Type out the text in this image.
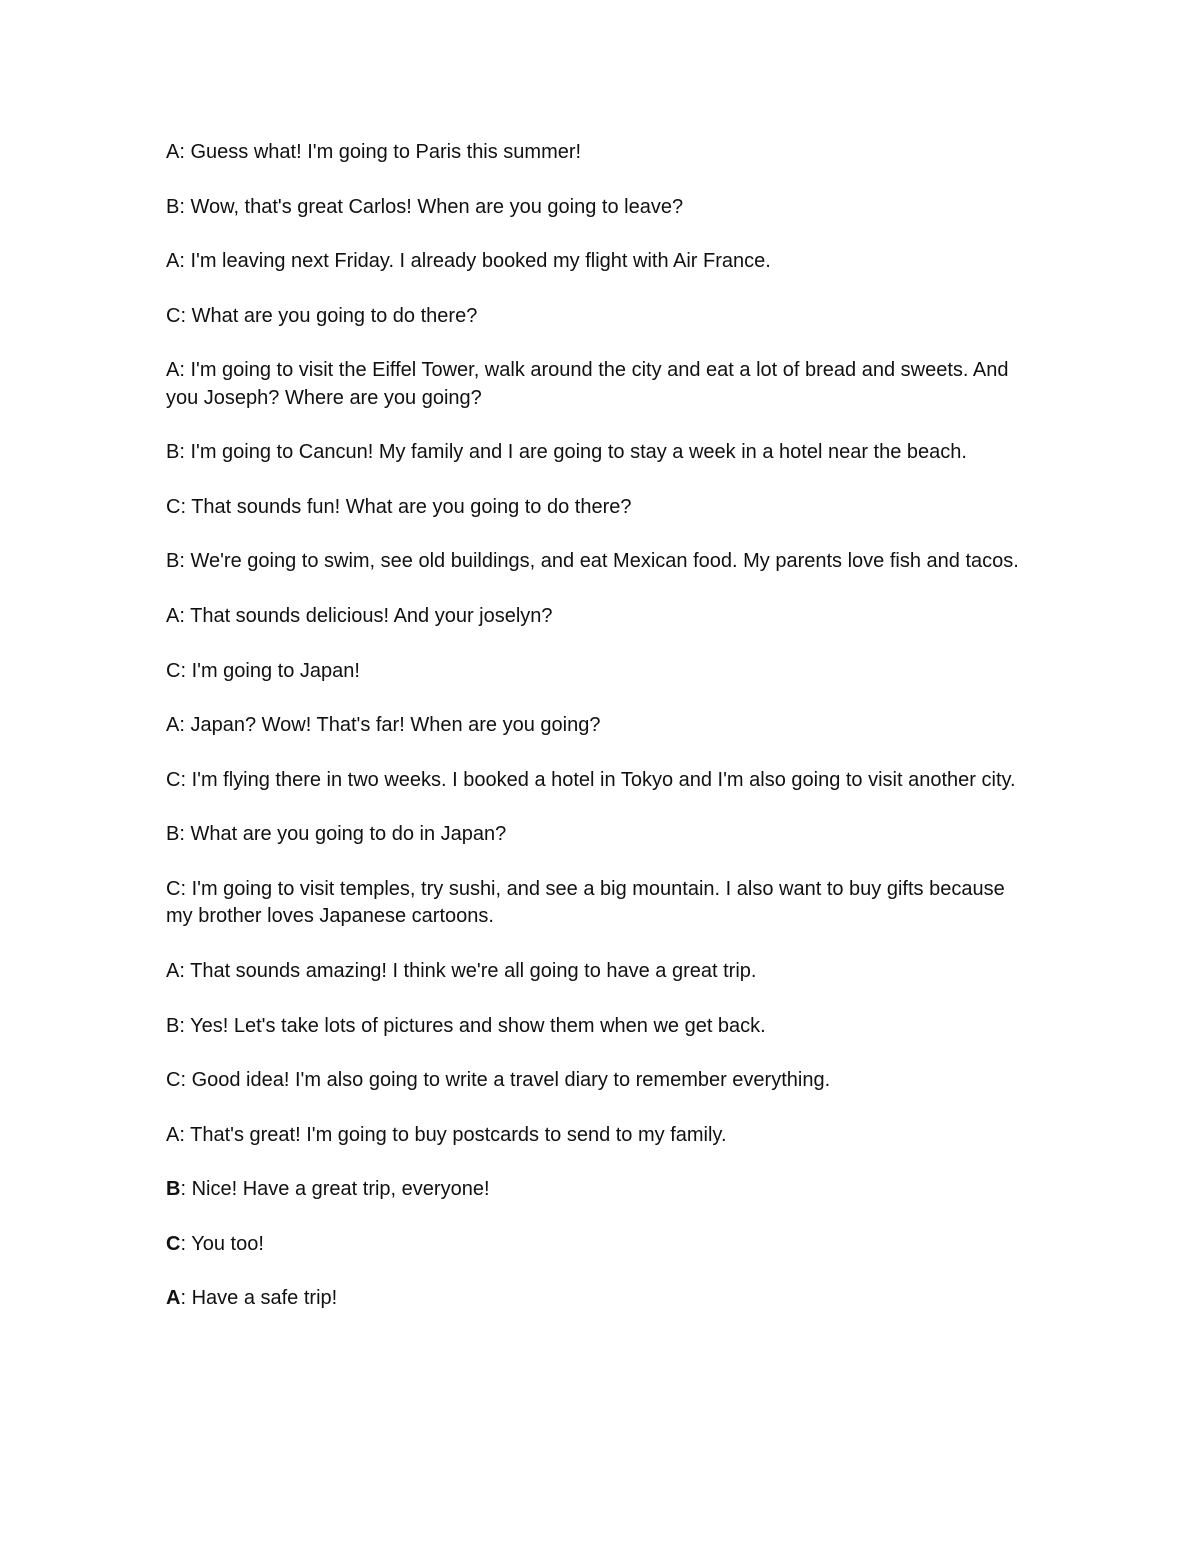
A : Guess what! I'm going to Paris this summer!

B : Wow, that's great Carlos! When are you going to leave?

A : I'm leaving next Friday. I already booked my flight with Air France.

C : What are you going to do there?

A : I'm going to visit the Eiffel Tower, walk around the city and eat a lot of bread and sweets. And you Joseph? Where are you going?

B : I'm going to Cancun! My family and I are going to stay a week in a hotel near the beach.

C : That sounds fun! What are you going to do there?

B : We're going to swim, see old buildings, and eat Mexican food. My parents love fish and tacos.

A : That sounds delicious! And your joselyn?

C : I'm going to Japan!

A : Japan? Wow! That's far! When are you going?

C : I'm flying there in two weeks. I booked a hotel in Tokyo and I'm also going to visit another city.

B : What are you going to do in Japan?

C : I'm going to visit temples, try sushi, and see a big mountain. I also want to buy gifts because my brother loves Japanese cartoons.

A : That sounds amazing! I think we're all going to have a great trip.

B : Yes! Let's take lots of pictures and show them when we get back.

C : Good idea! I'm also going to write a travel diary to remember everything.

A : That's great! I'm going to buy postcards to send to my family.

B : Nice! Have a great trip, everyone!

C : You too!

A : Have a safe trip!
